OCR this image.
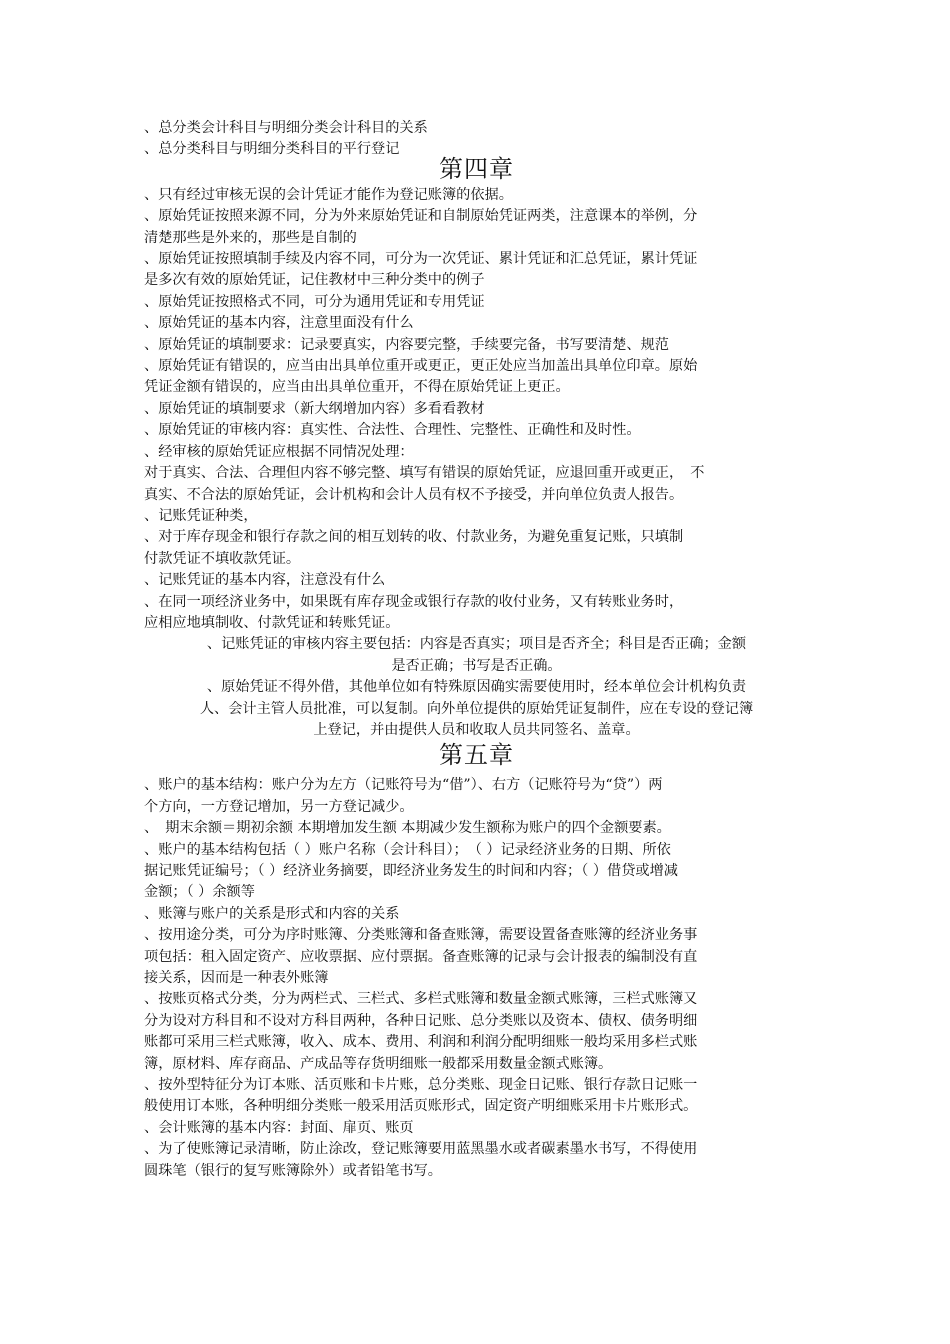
、总分类会计科目与明细分类会计科目的关系

、总分类科目与明细分类科目的平行登记

第四章

、只有经过审核无误的会计凭证才能作为登记账簿的依据。

、原始凭证按照来源不同，分为外来原始凭证和自制原始凭证两类，注意课本的举例，分
清楚那些是外来的，那些是自制的

、原始凭证按照填制手续及内容不同，可分为一次凭证、累计凭证和汇总凭证，累计凭证
是多次有效的原始凭证，记住教材中三种分类中的例子

、原始凭证按照格式不同，可分为通用凭证和专用凭证

、原始凭证的基本内容，注意里面没有什么

、原始凭证的填制要求：记录要真实，内容要完整，手续要完备，书写要清楚、规范

、原始凭证有错误的，应当由出具单位重开或更正，更正处应当加盖出具单位印章。原始
凭证金额有错误的，应当由出具单位重开，不得在原始凭证上更正。

、原始凭证的填制要求（新大纲增加内容）多看看教材

、原始凭证的审核内容：真实性、合法性、合理性、完整性、正确性和及时性。

、经审核的原始凭证应根据不同情况处理：

对于真实、合法、合理但内容不够完整、填写有错误的原始凭证，应退回重开或更正，　不
真实、不合法的原始凭证，会计机构和会计人员有权不予接受，并向单位负责人报告。

、记账凭证种类，

、对于库存现金和银行存款之间的相互划转的收、付款业务，为避免重复记账，只填制
付款凭证不填收款凭证。

、记账凭证的基本内容，注意没有什么

、在同一项经济业务中，如果既有库存现金或银行存款的收付业务，又有转账业务时，
应相应地填制收、付款凭证和转账凭证。

、记账凭证的审核内容主要包括：内容是否真实；项目是否齐全；科目是否正确；金额
是否正确；书写是否正确。

、原始凭证不得外借，其他单位如有特殊原因确实需要使用时，经本单位会计机构负责
人、会计主管人员批准，可以复制。向外单位提供的原始凭证复制件，应在专设的登记簿
上登记，并由提供人员和收取人员共同签名、盖章。

第五章

、账户的基本结构：账户分为左方（记账符号为“借”）、右方（记账符号为“贷”）两
个方向，一方登记增加，另一方登记减少。

、　期末余额＝期初余额 本期增加发生额 本期减少发生额称为账户的四个金额要素。

、账户的基本结构包括（ ）账户名称（会计科目）；　（ ）记录经济业务的日期、所依
据记账凭证编号；（ ）经济业务摘要，即经济业务发生的时间和内容；（ ）借贷或增减
金额；（ ）余额等

、账簿与账户的关系是形式和内容的关系

、按用途分类，可分为序时账簿、分类账簿和备查账簿，需要设置备查账簿的经济业务事
项包括：租入固定资产、应收票据、应付票据。备查账簿的记录与会计报表的编制没有直
接关系，因而是一种表外账簿

、按账页格式分类，分为两栏式、三栏式、多栏式账簿和数量金额式账簿，三栏式账簿又
分为设对方科目和不设对方科目两种，各种日记账、总分类账以及资本、债权、债务明细
账都可采用三栏式账簿，收入、成本、费用、利润和利润分配明细账一般均采用多栏式账
簿，原材料、库存商品、产成品等存货明细账一般都采用数量金额式账簿。

、按外型特征分为订本账、活页账和卡片账，总分类账、现金日记账、银行存款日记账一
般使用订本账，各种明细分类账一般采用活页账形式，固定资产明细账采用卡片账形式。

、会计账簿的基本内容：封面、扉页、账页

、为了使账簿记录清晰，防止涂改，登记账簿要用蓝黑墨水或者碳素墨水书写，不得使用
圆珠笔（银行的复写账簿除外）或者铅笔书写。
